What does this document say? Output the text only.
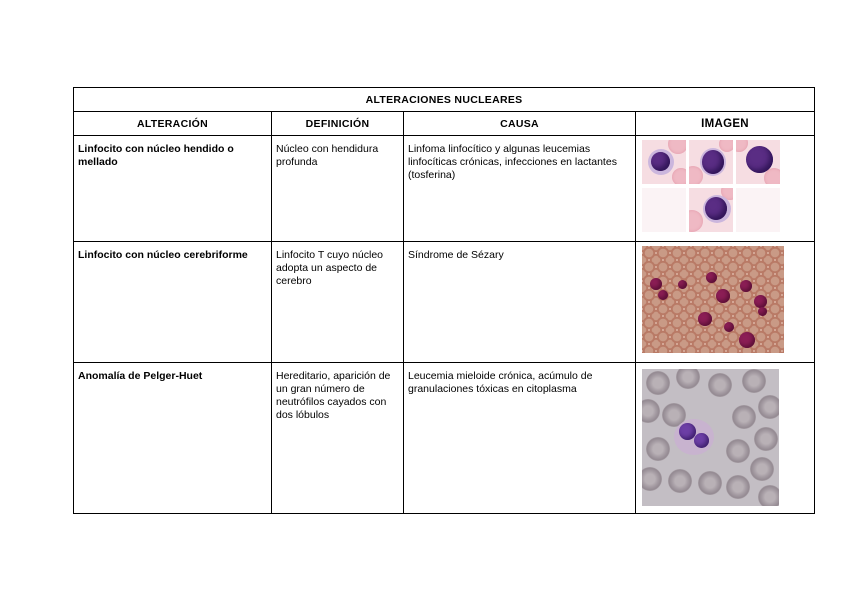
ALTERACIONES NUCLEARES			
ALTERACIÓN	DEFINICIÓN	CAUSA	IMAGEN

Linfocito con núcleo hendido o mellado	Núcleo con hendidura profunda	Linfoma linfocítico y algunas leucemias linfocíticas crónicas, infecciones en lactantes (tosferina)	

Linfocito con núcleo cerebriforme	Linfocito T cuyo núcleo adopta un aspecto de cerebro	Síndrome de Sézary	

Anomalía de Pelger-Huet	Hereditario, aparición de un gran número de neutrófilos cayados con dos lóbulos	Leucemia mieloide crónica, acúmulo de granulaciones tóxicas en citoplasma	
